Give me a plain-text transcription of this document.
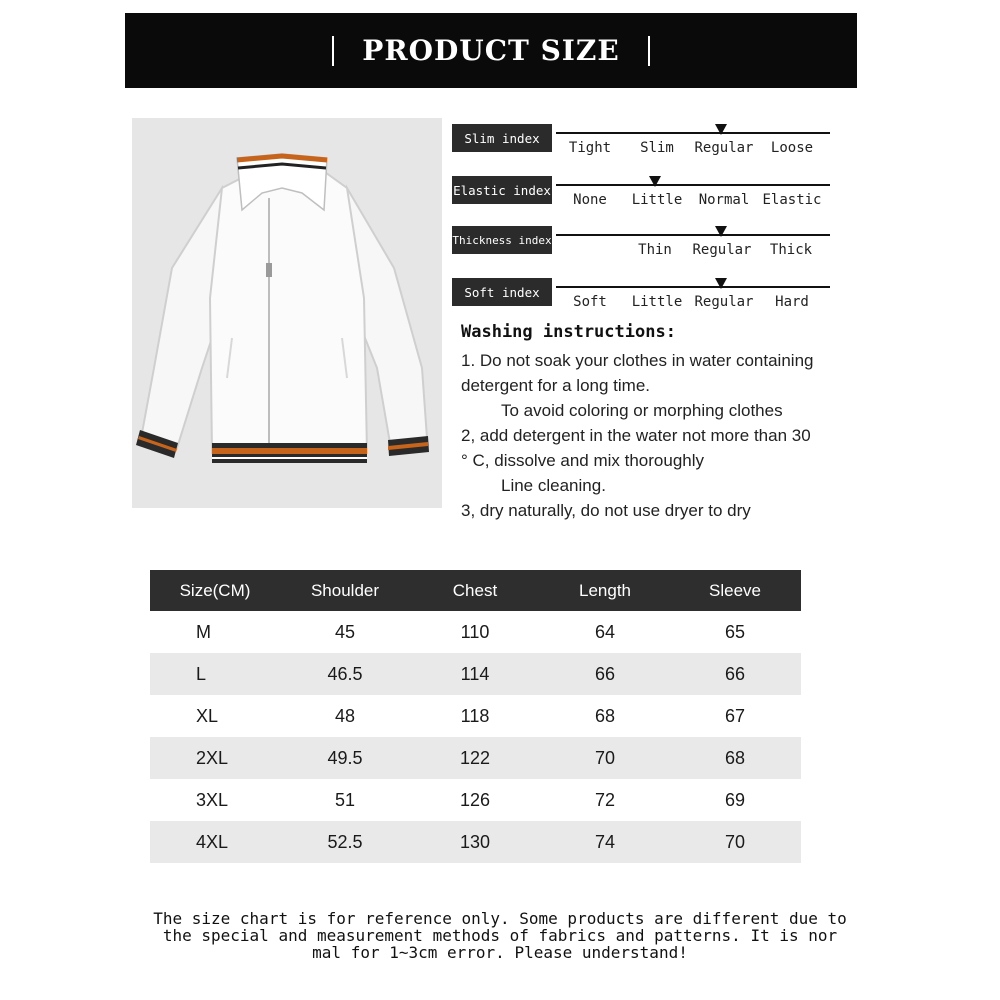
PRODUCT SIZE
Slim index
Tight	Slim	Regular	Loose
Elastic index
None	Little	Normal Elastic
Thickness index
Thin	Regular	Thick
Soft index
Soft	Little Regular	Hard
Washing instructions:
1. Do not soak your clothes in water containing
detergent for a long time.
To avoid coloring or morphing clothes
2, add detergent in the water not more than 30
° C, dissolve and mix thoroughly
Line cleaning.
3, dry naturally, do not use dryer to dry
Size(CM)	Shoulder	Chest	Length	Sleeve
M	45	110	64	65
L	46.5	114	66	66
XL	48	118	68	67
2XL	49.5	122	70	68
3XL	51	126	72	69
4XL	52.5	130	74	70
The size chart is for reference only. Some products are different due to
the special and measurement methods of fabrics and patterns. It is nor
mal for 1~3cm error. Please understand!
